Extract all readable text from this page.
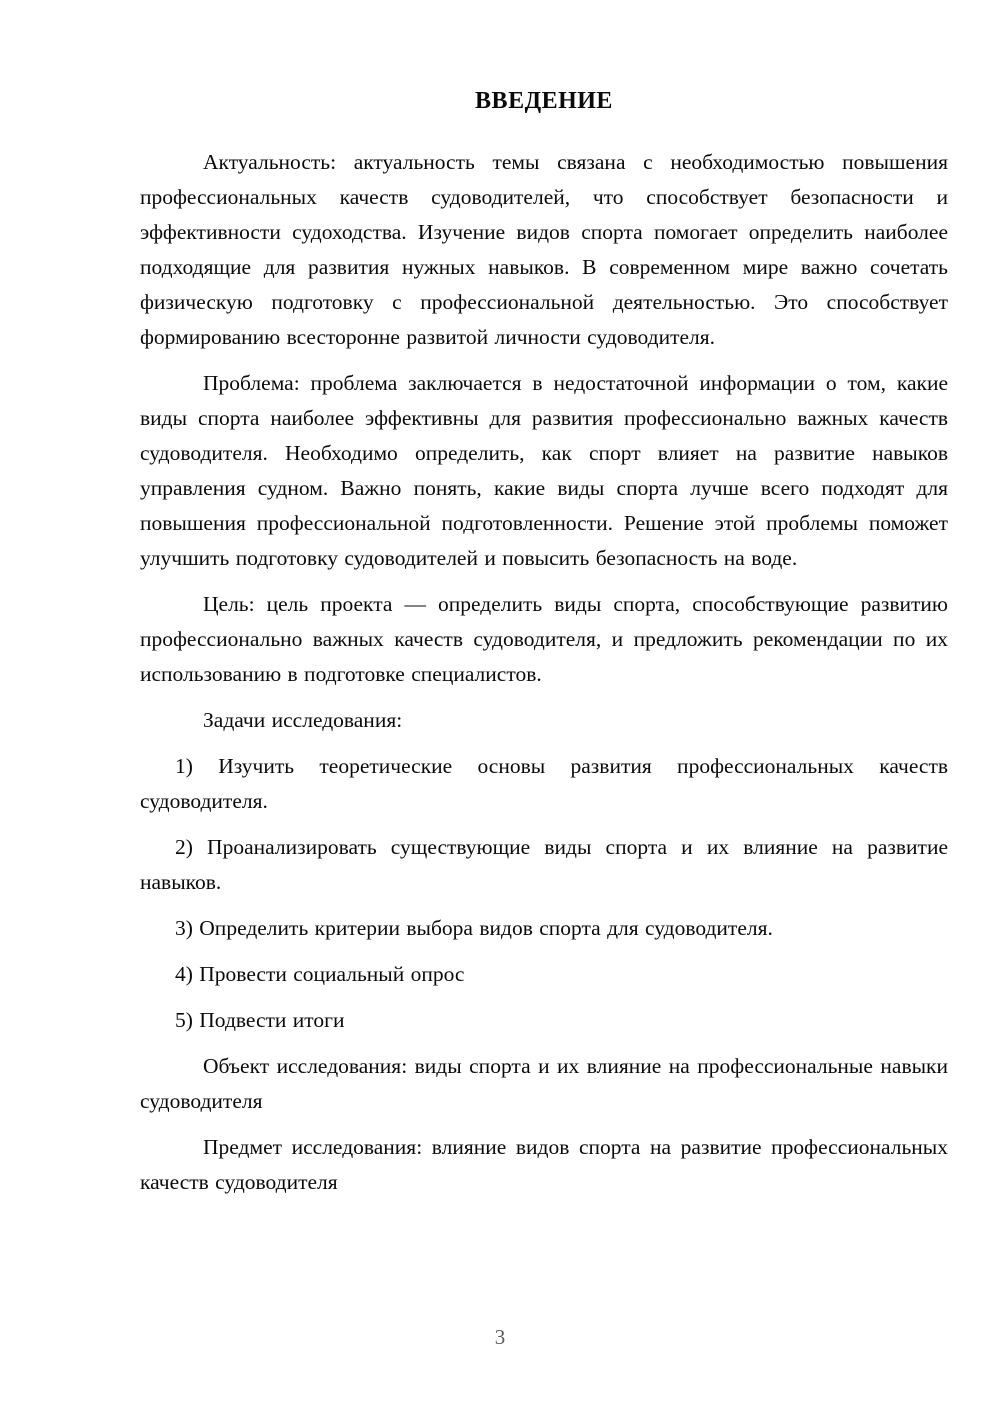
ВВЕДЕНИЕ

Актуальность: актуальность темы связана с необходимостью повышения профессиональных качеств судоводителей, что способствует безопасности и эффективности судоходства. Изучение видов спорта помогает определить наиболее подходящие для развития нужных навыков. В современном мире важно сочетать физическую подготовку с профессиональной деятельностью. Это способствует формированию всесторонне развитой личности судоводителя.

Проблема: проблема заключается в недостаточной информации о том, какие виды спорта наиболее эффективны для развития профессионально важных качеств судоводителя. Необходимо определить, как спорт влияет на развитие навыков управления судном. Важно понять, какие виды спорта лучше всего подходят для повышения профессиональной подготовленности. Решение этой проблемы поможет улучшить подготовку судоводителей и повысить безопасность на воде.

Цель: цель проекта — определить виды спорта, способствующие развитию профессионально важных качеств судоводителя, и предложить рекомендации по их использованию в подготовке специалистов.

Задачи исследования:

1) Изучить теоретические основы развития профессиональных качеств судоводителя.

2) Проанализировать существующие виды спорта и их влияние на развитие навыков.

3) Определить критерии выбора видов спорта для судоводителя.

4) Провести социальный опрос

5) Подвести итоги

Объект исследования: виды спорта и их влияние на профессиональные навыки судоводителя

Предмет исследования: влияние видов спорта на развитие профессиональных качеств судоводителя

3
